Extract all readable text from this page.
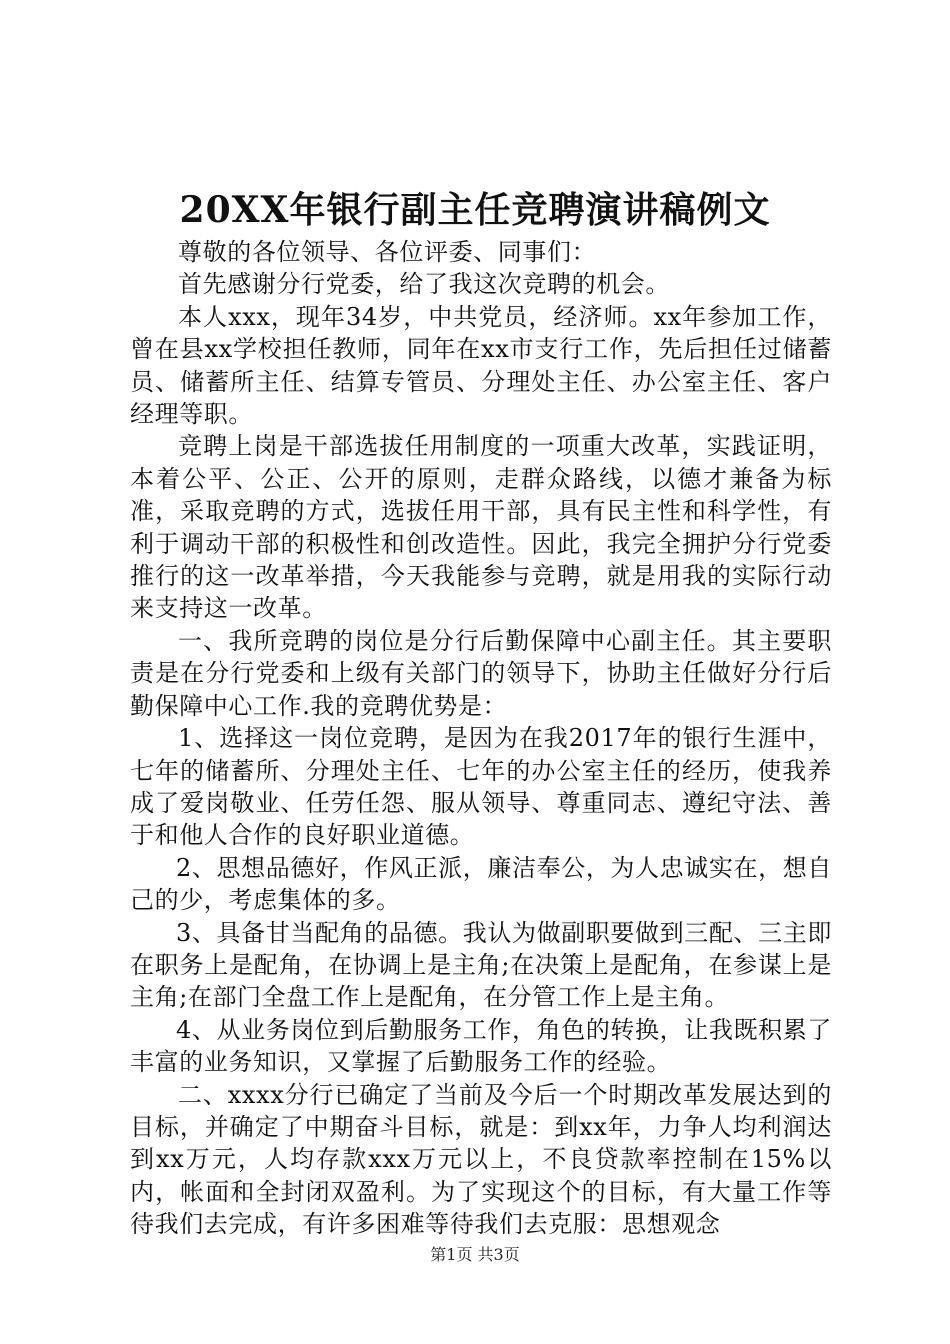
20XX年银行副主任竞聘演讲稿例文

尊敬的各位领导、各位评委、同事们：

首先感谢分行党委，给了我这次竞聘的机会。

本人xxx，现年34岁，中共党员，经济师。xx年参加工作，曾在县xx学校担任教师，同年在xx市支行工作，先后担任过储蓄员、储蓄所主任、结算专管员、分理处主任、办公室主任、客户经理等职。

竞聘上岗是干部选拔任用制度的一项重大改革，实践证明，本着公平、公正、公开的原则，走群众路线，以德才兼备为标准，采取竞聘的方式，选拔任用干部，具有民主性和科学性，有利于调动干部的积极性和创改造性。因此，我完全拥护分行党委推行的这一改革举措，今天我能参与竞聘，就是用我的实际行动来支持这一改革。

一、我所竞聘的岗位是分行后勤保障中心副主任。其主要职责是在分行党委和上级有关部门的领导下，协助主任做好分行后勤保障中心工作.我的竞聘优势是：

1、选择这一岗位竞聘，是因为在我2017年的银行生涯中，七年的储蓄所、分理处主任、七年的办公室主任的经历，使我养成了爱岗敬业、任劳任怨、服从领导、尊重同志、遵纪守法、善于和他人合作的良好职业道德。

2、思想品德好，作风正派，廉洁奉公，为人忠诚实在，想自己的少，考虑集体的多。

3、具备甘当配角的品德。我认为做副职要做到三配、三主即在职务上是配角，在协调上是主角;在决策上是配角，在参谋上是主角;在部门全盘工作上是配角，在分管工作上是主角。

4、从业务岗位到后勤服务工作，角色的转换，让我既积累了丰富的业务知识，又掌握了后勤服务工作的经验。

二、xxxx分行已确定了当前及今后一个时期改革发展达到的目标，并确定了中期奋斗目标，就是：到xx年，力争人均利润达到xx万元，人均存款xxx万元以上，不良贷款率控制在15%以内，帐面和全封闭双盈利。为了实现这个的目标，有大量工作等待我们去完成，有许多困难等待我们去克服：思想观念

第1页 共3页
